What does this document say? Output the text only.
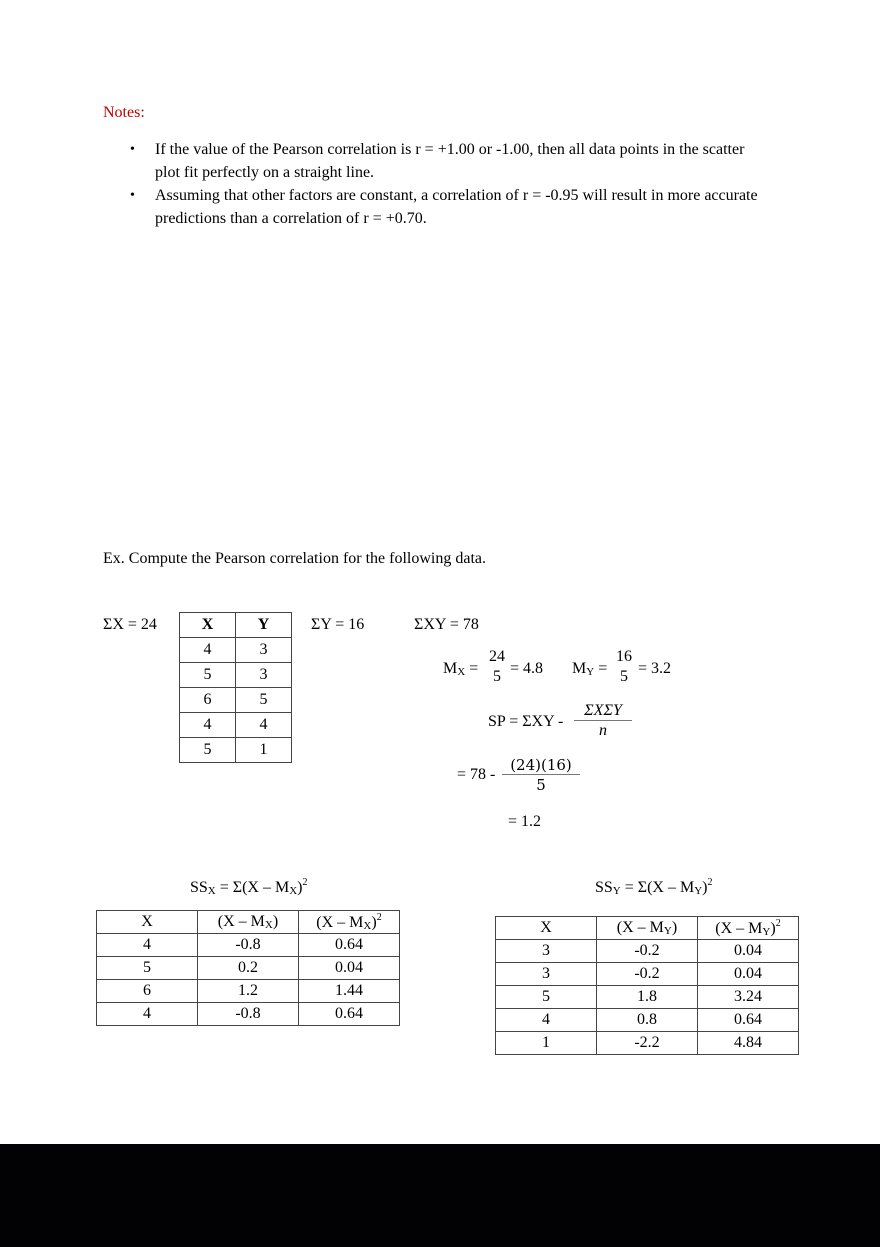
Notes:
• If the value of the Pearson correlation is r = +1.00 or -1.00, then all data points in the scatter plot fit perfectly on a straight line.
• Assuming that other factors are constant, a correlation of r = -0.95 will result in more accurate predictions than a correlation of r = +0.70.
Ex. Compute the Pearson correlation for the following data.
ΣX = 24	X	Y
4	3
5	3
6	5
4	4
5	1
ΣY = 16	ΣXY = 78
MX =
24
5 = 4.8 MY =
16
5 = 3.2
SP = ΣXY -
ΣXΣY
n
= $78 - \frac{(24)(16)}{5}$
= 1.2
SSX = Σ(X – MX)$^2$
X	(X – MX)	(X – MX)$^2$
4	-0.8	0.64
5	0.2	0.04
6	1.2	1.44
4	-0.8	0.64
SSY = Σ(X – MY)$^2$
X	(X – MY)	(X – MY)$^2$
3	-0.2	0.04
3	-0.2	0.04
5	1.8	3.24
4	0.8	0.64
1	-2.2	4.84
